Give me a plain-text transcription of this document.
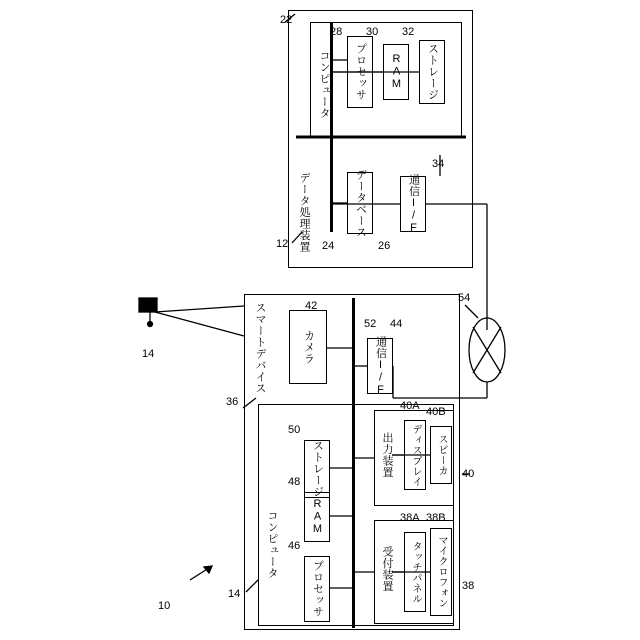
データ処理装置
コンピュータ プロセッサ RAM ストレージ
データベース	通信I/F
スマートデバイス	カメラ	通信I/F
コンピュータ
ストレージ
RAM
プロセッサ
出力装置 ディスプレイ スピーカ
受付装置 タッチパネル マイクロフォン
22
28 30 32
34
12	24	26
14
42
52 44
54
36
50
40A 40B
40
48
38A 38B
38
46
14
10
